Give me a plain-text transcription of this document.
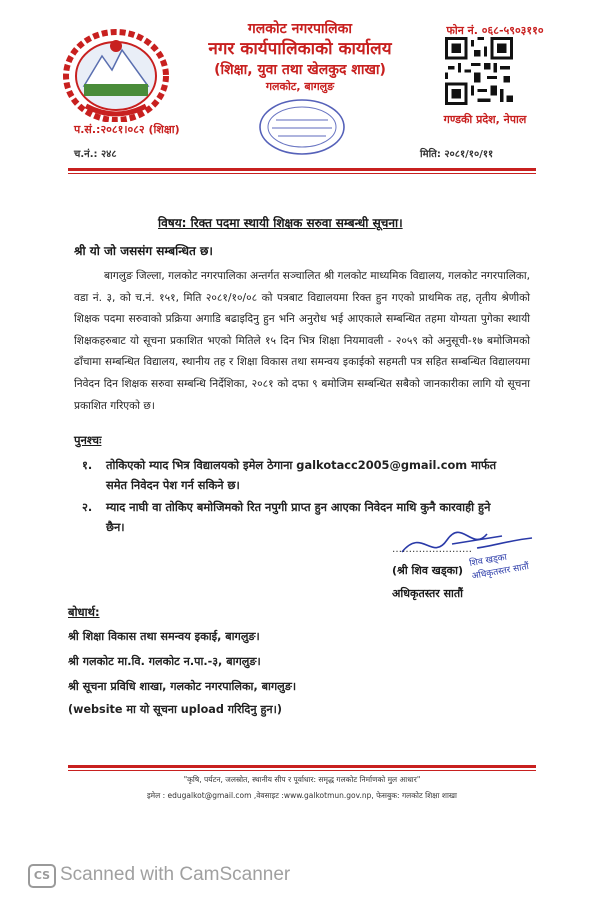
गलकोट नगरपालिका
नगर कार्यपालिकाको कार्यालय
(शिक्षा, युवा तथा खेलकुद शाखा)
गलकोट, बागलुङ
फोन नं. ०६८-५९०३११०
गण्डकी प्रदेश, नेपाल
प.सं.:२०८१।०८२ (शिक्षा)
च.नं.: २४८	मिति: २०८१/१०/११
विषय: रिक्त पदमा स्थायी शिक्षक सरुवा सम्बन्धी सूचना।
श्री यो जो जससंग सम्बन्धित छ।
बागलुङ जिल्ला, गलकोट नगरपालिका अन्तर्गत सञ्चालित श्री गलकोट माध्यमिक विद्यालय, गलकोट नगरपालिका, वडा नं. ३, को च.नं. १५१, मिति २०८१/१०/०८ को पत्रबाट विद्यालयमा रिक्त हुन गएको प्राथमिक तह, तृतीय श्रेणीको शिक्षक पदमा सरुवाको प्रक्रिया अगाडि बढाइदिनु हुन भनि अनुरोध भई आएकाले सम्बन्धित तहमा योग्यता पुगेका स्थायी शिक्षकहरुबाट यो सूचना प्रकाशित भएको मितिले १५ दिन भित्र शिक्षा नियमावली - २०५९ को अनुसूची-१७ बमोजिमको ढाँचामा सम्बन्धित विद्यालय, स्थानीय तह र शिक्षा विकास तथा समन्वय इकाईको सहमती पत्र सहित सम्बन्धित विद्यालयमा निवेदन दिन शिक्षक सरुवा सम्बन्धि निर्देशिका, २०८१ को दफा ९ बमोजिम सम्बन्धित सबैको जानकारीका लागि यो सूचना प्रकाशित गरिएको छ।
पुनश्चः
१. तोकिएको म्याद भित्र विद्यालयको इमेल ठेगाना galkotacc2005@gmail.com मार्फत समेत निवेदन पेश गर्न सकिने छ।
२. म्याद नाघी वा तोकिए बमोजिमको रित नपुगी प्राप्त हुन आएका निवेदन माथि कुनै कारवाही हुने छैन।
……………………
शिव खड्का अधिकृतस्तर सातौं
(श्री शिव खड्का)
अधिकृतस्तर सातौं
बोधार्थ:
श्री शिक्षा विकास तथा समन्वय इकाई, बागलुङ।
श्री गलकोट मा.वि. गलकोट न.पा.-३, बागलुङ।
श्री सूचना प्रविधि शाखा, गलकोट नगरपालिका, बागलुङ।
(website मा यो सूचना upload गरिदिनु हुन।)
"कृषि, पर्यटन, जलस्रोत, स्थानीय सीप र पूर्वाधार: समृद्ध गलकोट निर्माणको मुल आधार"
इमेल : edugalkot@gmail.com ,वेवसाइट :www.galkotmun.gov.np, फेसबुक: गलकोट शिक्षा शाखा
CS Scanned with CamScanner
